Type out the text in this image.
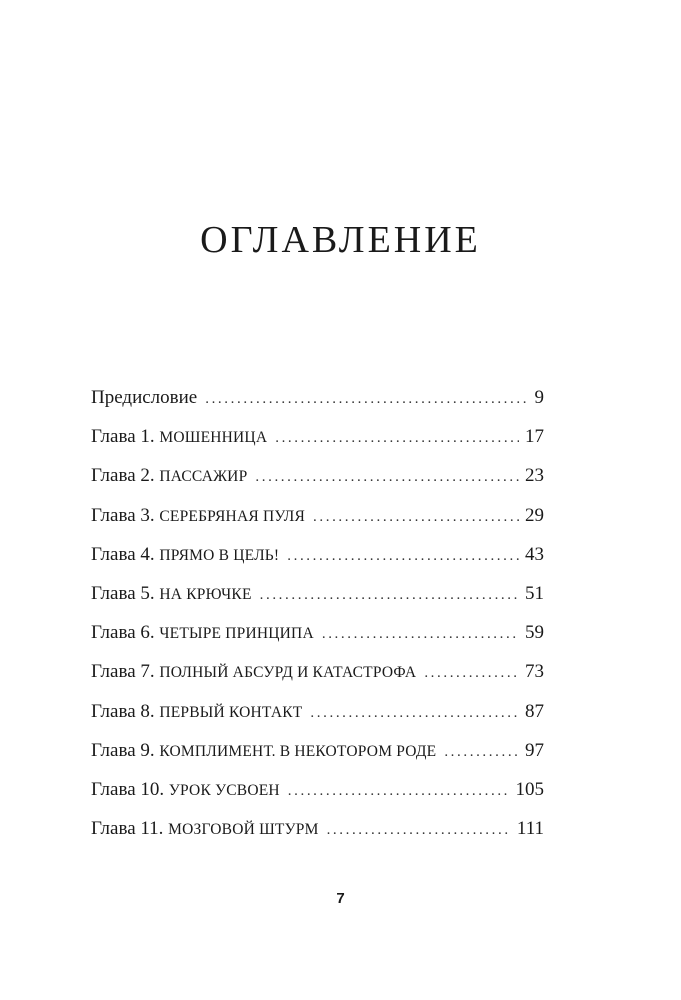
ОГЛАВЛЕНИЕ
Предисловие .....	9
Глава 1. МОШЕННИЦА .....	17
Глава 2. ПАССАЖИР .....	23
Глава 3. СЕРЕБРЯНАЯ ПУЛЯ .....	29
Глава 4. ПРЯМО В ЦЕЛЬ! .....	43
Глава 5. НА КРЮЧКЕ .....	51
Глава 6. ЧЕТЫРЕ ПРИНЦИПА .....	59
Глава 7. ПОЛНЫЙ АБСУРД И КАТАСТРОФА .....	73
Глава 8. ПЕРВЫЙ КОНТАКТ .....	87
Глава 9. КОМПЛИМЕНТ. В НЕКОТОРОМ РОДЕ .....	97
Глава 10. УРОК УСВОЕН .....	105
Глава 11. МОЗГОВОЙ ШТУРМ .....	111
7
